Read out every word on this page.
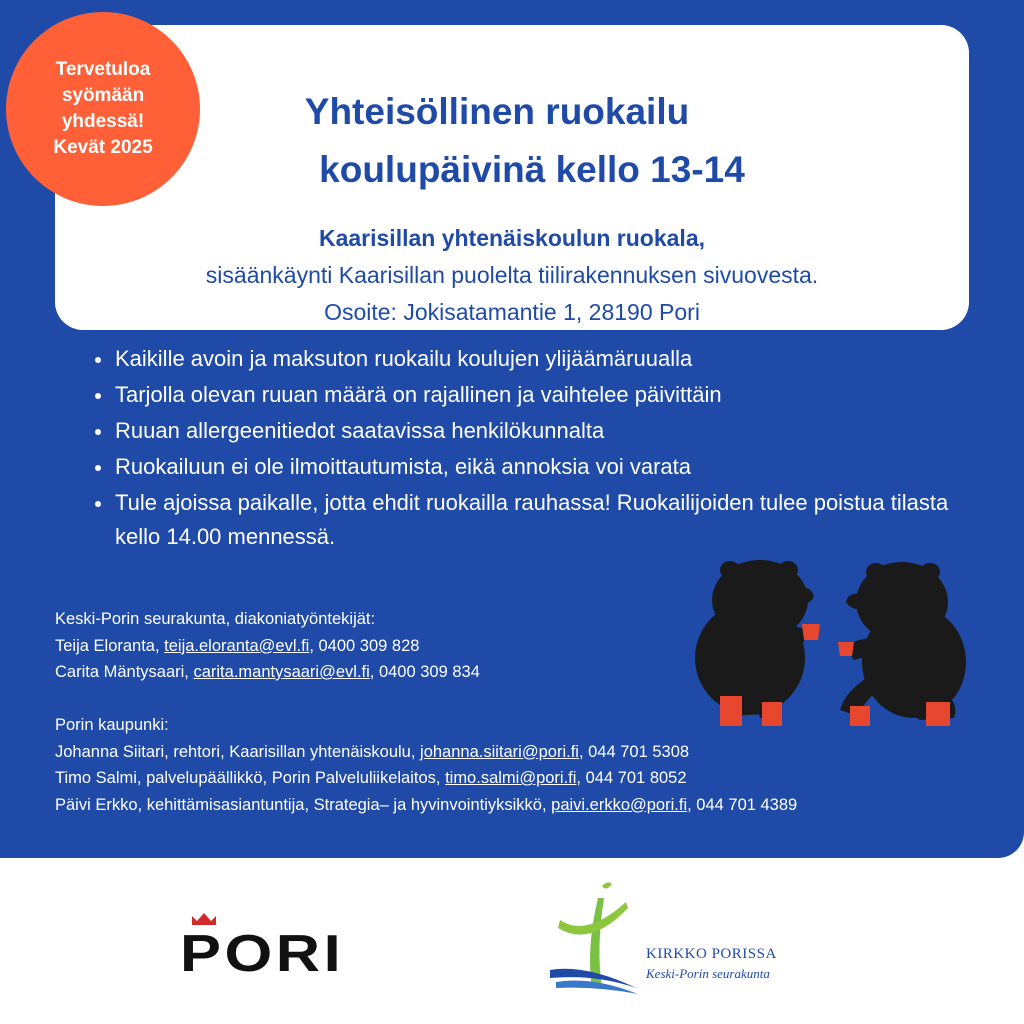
Yhteisöllinen ruokailu
koulupäivinä kello 13-14
Kaarisillan yhtenäiskoulun ruokala,
sisäänkäynti Kaarisillan puolelta tiilirakennuksen sivuovesta.
Osoite: Jokisatamantie 1, 28190 Pori
Tervetuloa
syömään
yhdessä!
Kevät 2025
Kaikille avoin ja maksuton ruokailu koulujen ylijäämäruualla
Tarjolla olevan ruuan määrä on rajallinen ja vaihtelee päivittäin
Ruuan allergeenitiedot saatavissa henkilökunnalta
Ruokailuun ei ole ilmoittautumista, eikä annoksia voi varata
Tule ajoissa paikalle, jotta ehdit ruokailla rauhassa! Ruokailijoiden tulee poistua tilasta kello 14.00 mennessä.
Keski-Porin seurakunta, diakoniatyöntekijät:
Teija Eloranta, teija.eloranta@evl.fi, 0400 309 828
Carita Mäntysaari, carita.mantysaari@evl.fi, 0400 309 834
Porin kaupunki:
Johanna Siitari, rehtori, Kaarisillan yhtenäiskoulu, johanna.siitari@pori.fi, 044 701 5308
Timo Salmi, palvelupäällikkö, Porin Palveluliikelaitos, timo.salmi@pori.fi, 044 701 8052
Päivi Erkko, kehittämisasiantuntija, Strategia– ja hyvinvointiyksikkö, paivi.erkko@pori.fi, 044 701 4389
PORI	KIRKKO PORISSA
Keski-Porin seurakunta
